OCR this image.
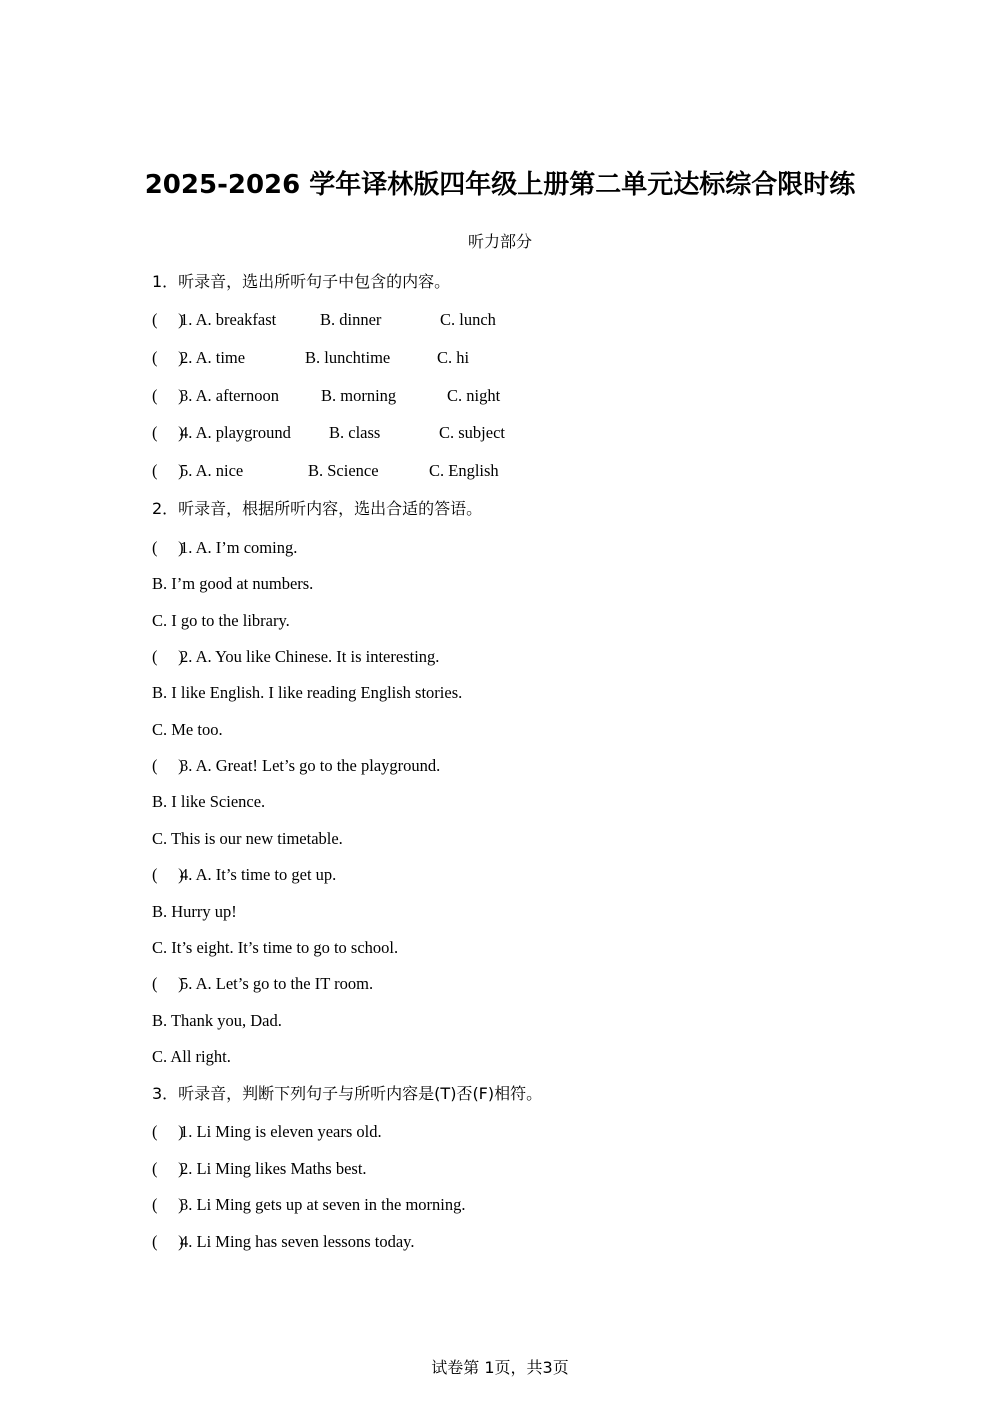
2025-2026 学年译林版四年级上册第二单元达标综合限时练
听力部分
1．听录音，选出所听句子中包含的内容。
(     )1. A. breakfast	B. dinner	C. lunch
(     )2. A. time	B. lunchtime	C. hi
(     )3. A. afternoon	B. morning	C. night
(     )4. A. playground B. class	C. subject
(     )5. A. nice	B. Science	C. English
2．听录音，根据所听内容，选出合适的答语。
(     )1. A. I’m coming.
B. I’m good at numbers.
C. I go to the library.
(     )2. A. You like Chinese. It is interesting.
B. I like English. I like reading English stories.
C. Me too.
(     )3. A. Great! Let’s go to the playground.
B. I like Science.
C. This is our new timetable.
(     )4. A. It’s time to get up.
B. Hurry up!
C. It’s eight. It’s time to go to school.
(     )5. A. Let’s go to the IT room.
B. Thank you, Dad.
C. All right.
3．听录音，判断下列句子与所听内容是(T)否(F)相符。
(     )1. Li Ming is eleven years old.
(     )2. Li Ming likes Maths best.
(     )3. Li Ming gets up at seven in the morning.
(     )4. Li Ming has seven lessons today.
试卷第 1页，共3页
